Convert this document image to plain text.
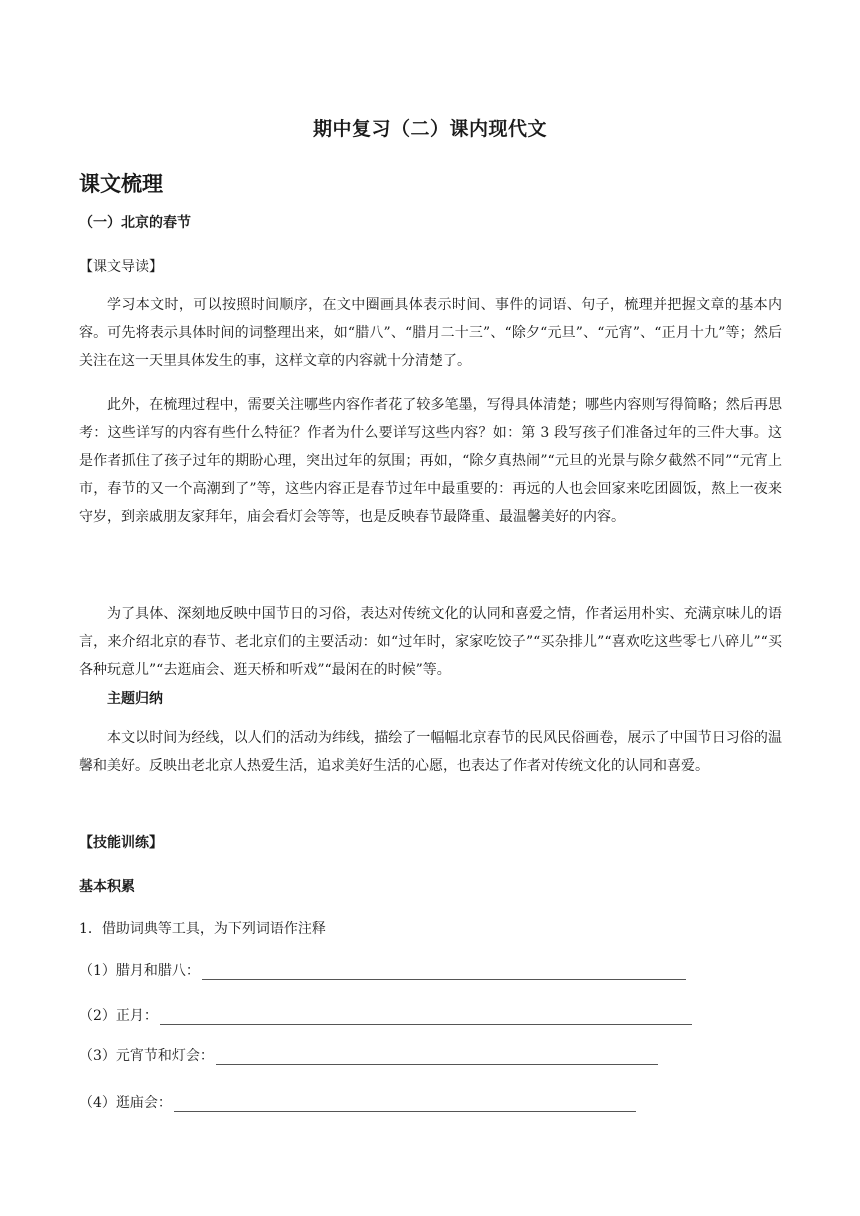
期中复习（二）课内现代文
课文梳理
（一）北京的春节
【课文导读】

学习本文时，可以按照时间顺序，在文中圈画具体表示时间、事件的词语、句子，梳理并把握文章的基本内容。可先将表示具体时间的词整理出来，如“腊八”、“腊月二十三”、“除夕“元旦”、“元宵”、“正月十九”等；然后关注在这一天里具体发生的事，这样文章的内容就十分清楚了。

此外，在梳理过程中，需要关注哪些内容作者花了较多笔墨，写得具体清楚；哪些内容则写得简略；然后再思考：这些详写的内容有些什么特征？作者为什么要详写这些内容？如：第 3 段写孩子们准备过年的三件大事。这是作者抓住了孩子过年的期盼心理，突出过年的氛围；再如，“除夕真热闹”“元旦的光景与除夕截然不同”“元宵上市，春节的又一个高潮到了”等，这些内容正是春节过年中最重要的：再远的人也会回家来吃团圆饭，熬上一夜来守岁，到亲戚朋友家拜年，庙会看灯会等等，也是反映春节最降重、最温馨美好的内容。

为了具体、深刻地反映中国节日的习俗，表达对传统文化的认同和喜爱之情，作者运用朴实、充满京味儿的语言，来介绍北京的春节、老北京们的主要活动：如“过年时，家家吃饺子”“买杂排儿”“喜欢吃这些零七八碎儿”“买各种玩意儿”“去逛庙会、逛天桥和听戏”“最闲在的时候”等。

主题归纳

本文以时间为经线，以人们的活动为纬线，描绘了一幅幅北京春节的民风民俗画卷，展示了中国节日习俗的温馨和美好。反映出老北京人热爱生活，追求美好生活的心愿，也表达了作者对传统文化的认同和喜爱。

【技能训练】
基本积累
1．借助词典等工具，为下列词语作注释
（1）腊月和腊八：
（2）正月：
（3）元宵节和灯会：
（4）逛庙会：
